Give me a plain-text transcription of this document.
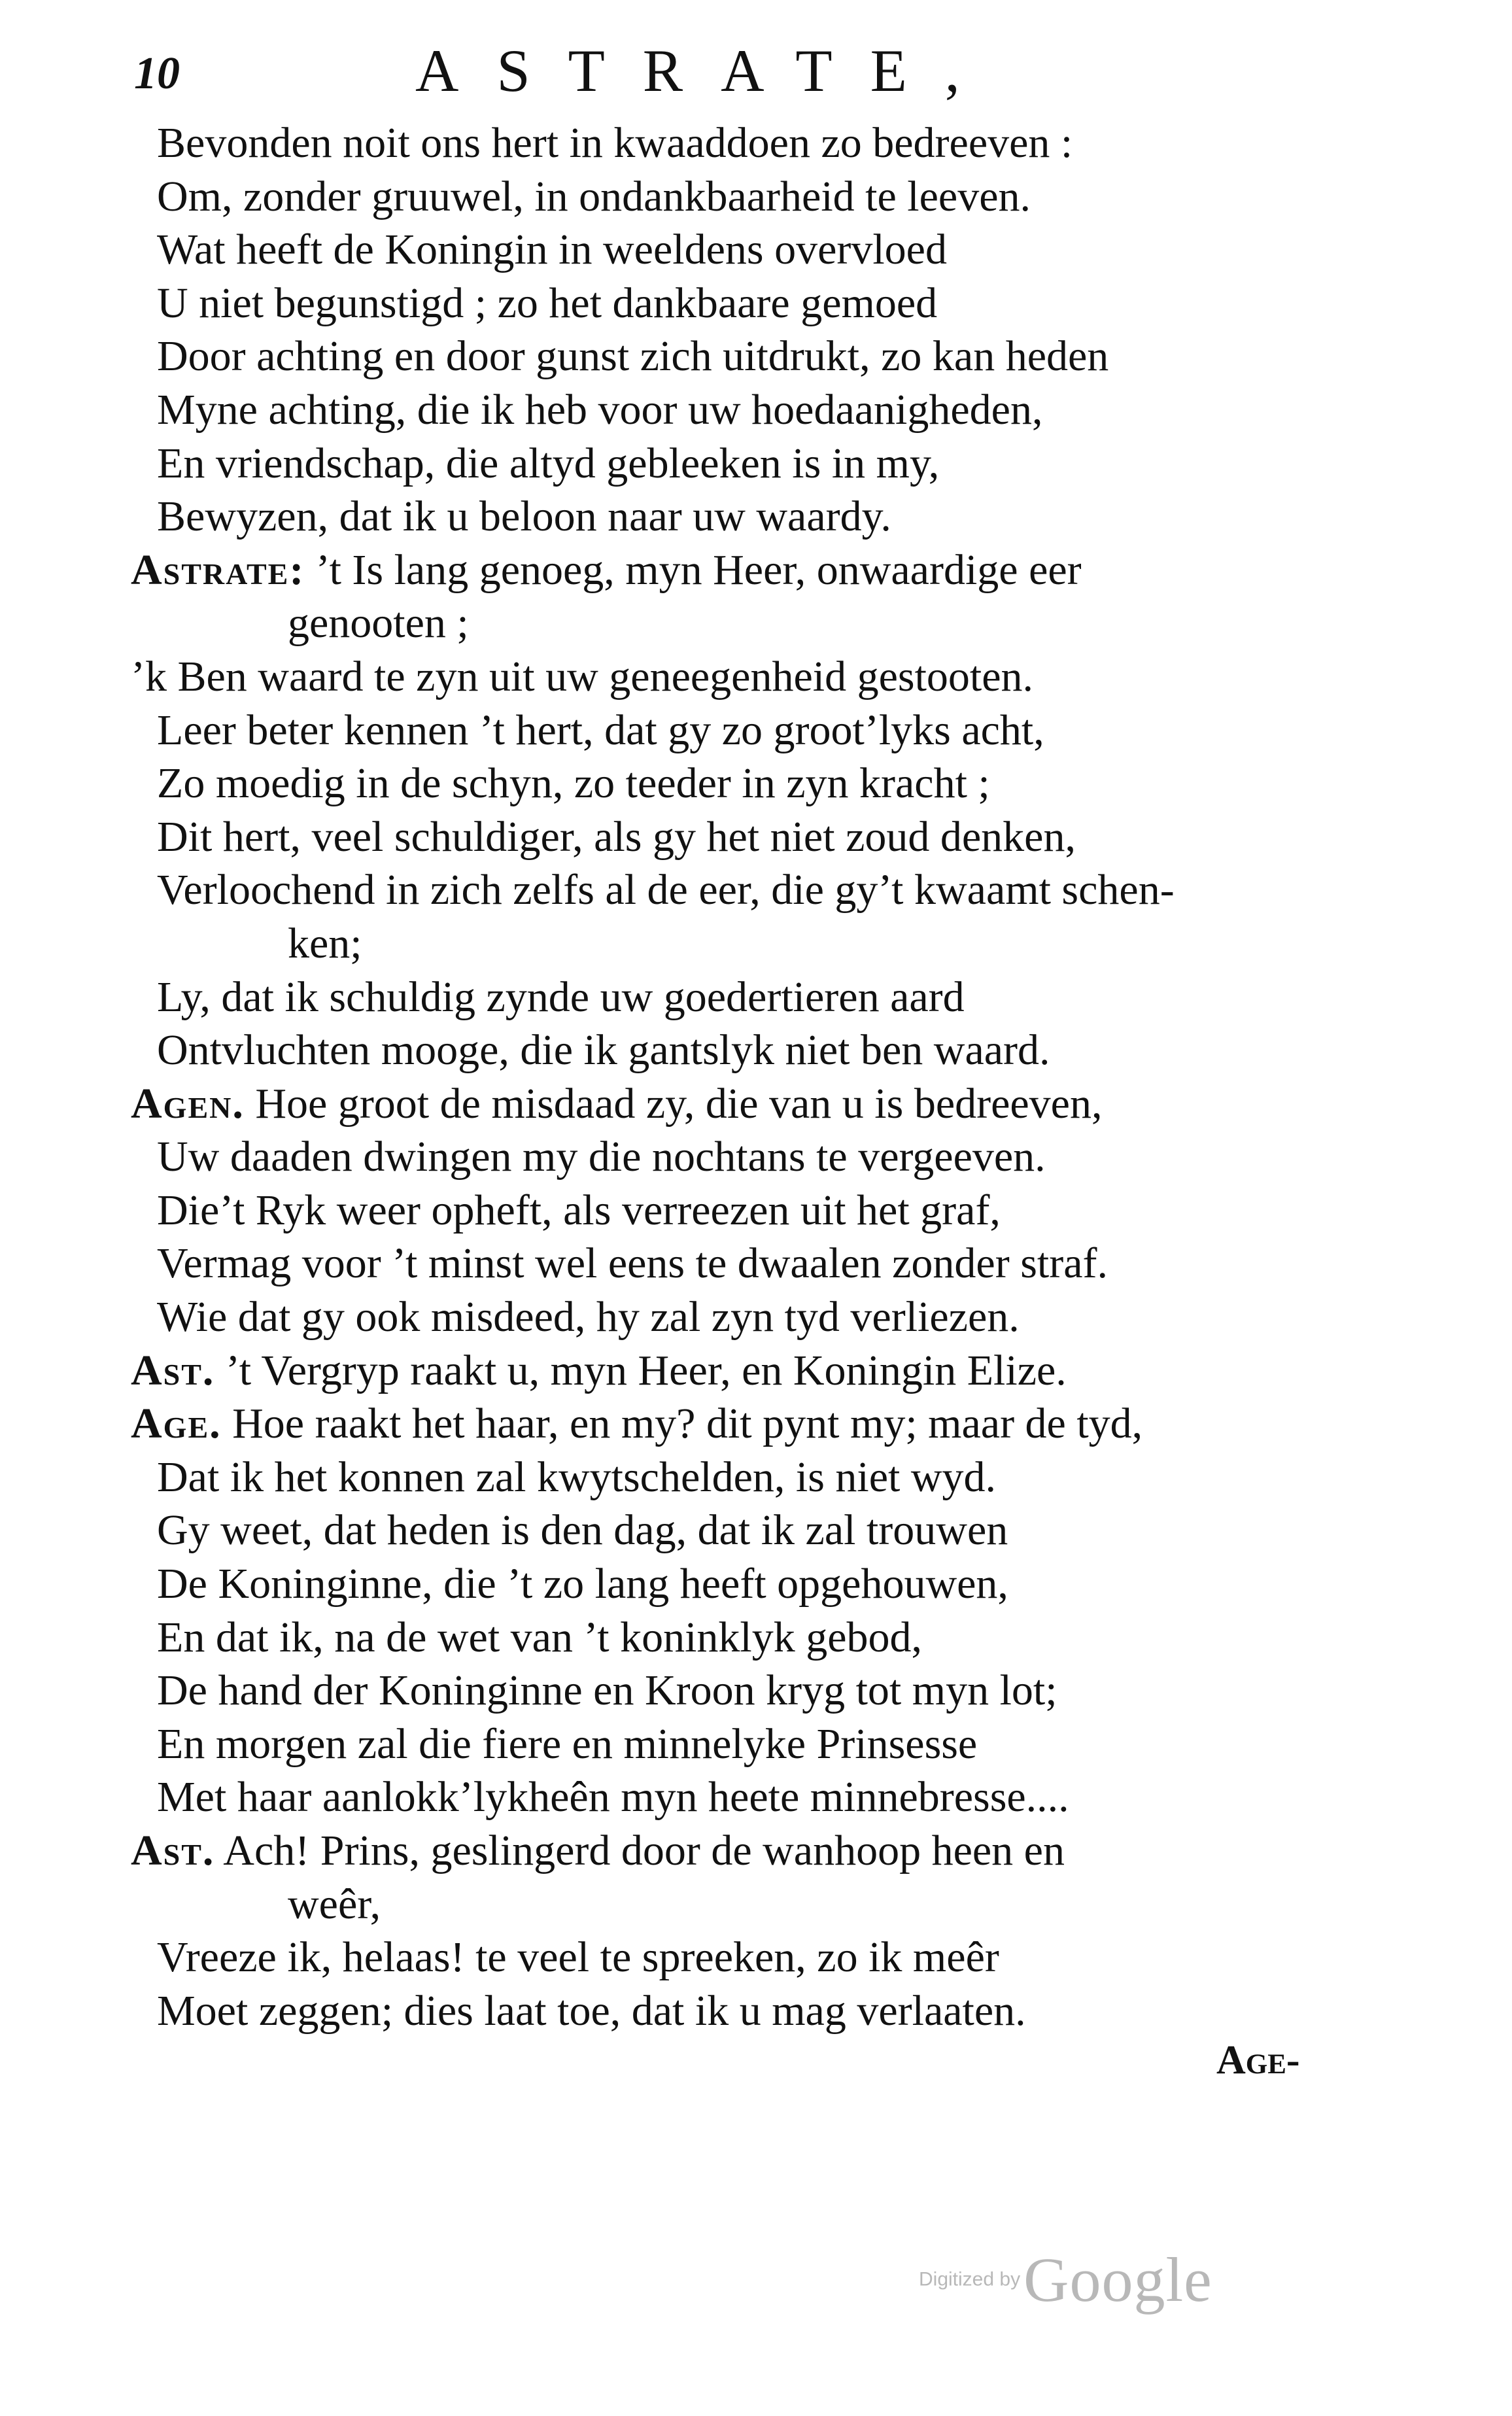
10	ASTRATE,
Bevonden noit ons hert in kwaaddoen zo bedreeven :
Om, zonder gruuwel, in ondankbaarheid te leeven.
Wat heeft de Koningin in weeldens overvloed
U niet begunstigd ; zo het dankbaare gemoed
Door achting en door gunst zich uitdrukt, zo kan heden
Myne achting, die ik heb voor uw hoedaanigheden,
En vriendschap, die altyd gebleeken is in my,
Bewyzen, dat ik u beloon naar uw waardy.
Astrate: ’t Is lang genoeg, myn Heer, onwaardige eer
genooten ;
’k Ben waard te zyn uit uw geneegenheid gestooten.
Leer beter kennen ’t hert, dat gy zo groot’lyks acht,
Zo moedig in de schyn, zo teeder in zyn kracht ;
Dit hert, veel schuldiger, als gy het niet zoud denken,
Verloochend in zich zelfs al de eer, die gy’t kwaamt schen-
ken;
Ly, dat ik schuldig zynde uw goedertieren aard
Ontvluchten mooge, die ik gantslyk niet ben waard.
Agen. Hoe groot de misdaad zy, die van u is bedreeven,
Uw daaden dwingen my die nochtans te vergeeven.
Die’t Ryk weer opheft, als verreezen uit het graf,
Vermag voor ’t minst wel eens te dwaalen zonder straf.
Wie dat gy ook misdeed, hy zal zyn tyd verliezen.
Ast. ’t Vergryp raakt u, myn Heer, en Koningin Elize.
Age. Hoe raakt het haar, en my? dit pynt my; maar de tyd,
Dat ik het konnen zal kwytschelden, is niet wyd.
Gy weet, dat heden is den dag, dat ik zal trouwen
De Koninginne, die ’t zo lang heeft opgehouwen,
En dat ik, na de wet van ’t koninklyk gebod,
De hand der Koninginne en Kroon kryg tot myn lot;
En morgen zal die fiere en minnelyke Prinsesse
Met haar aanlokk’lykheên myn heete minnebresse....
Ast. Ach! Prins, geslingerd door de wanhoop heen en
weêr,
Vreeze ik, helaas! te veel te spreeken, zo ik meêr
Moet zeggen; dies laat toe, dat ik u mag verlaaten.
Age-
Digitized by Google
